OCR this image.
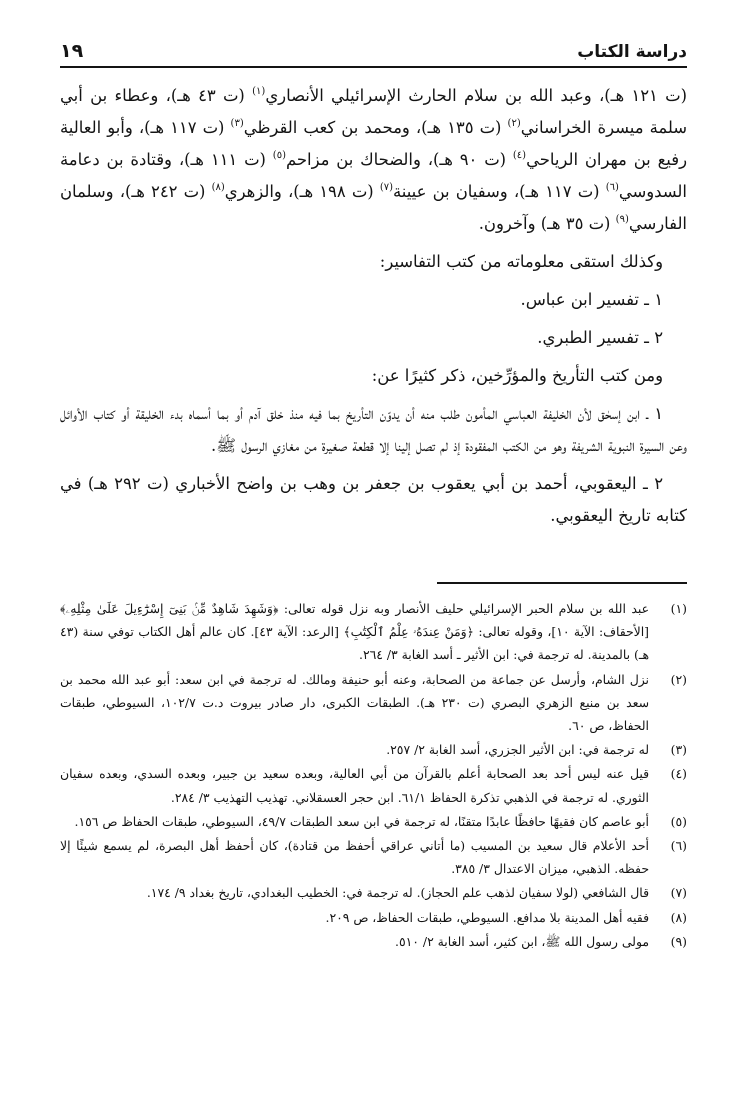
دراسة الكتاب
١٩

(ت ١٢١ هـ)، وعبد الله بن سلام الحارث الإسرائيلي الأنصاري$^{(١)}$ (ت ٤٣ هـ)، وعطاء بن أبي سلمة ميسرة الخراساني$^{(٢)}$ (ت ١٣٥ هـ)، ومحمد بن كعب القرظي$^{(٣)}$ (ت ١١٧ هـ)، وأبو العالية رفيع بن مهران الرياحي$^{(٤)}$ (ت ٩٠ هـ)، والضحاك بن مزاحم$^{(٥)}$ (ت ١١١ هـ)، وقتادة بن دعامة السدوسي$^{(٦)}$ (ت ١١٧ هـ)، وسفيان بن عيينة$^{(٧)}$ (ت ١٩٨ هـ)، والزهري$^{(٨)}$ (ت ٢٤٢ هـ)، وسلمان الفارسي$^{(٩)}$ (ت ٣٥ هـ) وآخرون.

وكذلك استقى معلوماته من كتب التفاسير:

١ ـ تفسير ابن عباس.

٢ ـ تفسير الطبري.

ومن كتب التأريخ والمؤرِّخين، ذكر كثيرًا عن:

١ ـ ابن إسحٰق لأن الخليفة العباسي المأمون طلب منه أن يدوّن التأريخ بما فيه منذ خلق آدم أو بما أسماه بدء الخليقة أو كتاب الأوائل وعن السيرة النبوية الشريفة وهو من الكتب المفقودة إذ لم تصل إلينا إلا قطعة صغيرة من مغازي الرسول ﷺ.

٢ ـ اليعقوبي، أحمد بن أبي يعقوب بن جعفر بن وهب بن واضح الأخباري (ت ٢٩٢ هـ) في كتابه تاريخ اليعقوبي.

(١)
عبد الله بن سلام الحبر الإسرائيلي حليف الأنصار وبه نزل قوله تعالى: ﴿وَشَهِدَ شَاهِدٌ مِّنۢ بَنِىٓ إِسْرَٰٓءِيلَ عَلَىٰ مِثْلِهِۦ﴾ [الأحقاف: الآية ١٠]، وقوله تعالى: ﴿وَمَنْ عِندَهُۥ عِلْمُ ٱلْكِتَٰبِ﴾ [الرعد: الآية ٤٣]. كان عالم أهل الكتاب توفي سنة (٤٣ هـ) بالمدينة. له ترجمة في: ابن الأثير ـ أسد الغابة ٣/ ٢٦٤.
(٢)
نزل الشام، وأرسل عن جماعة من الصحابة، وعنه أبو حنيفة ومالك. له ترجمة في ابن سعد: أبو عبد الله محمد بن سعد بن منيع الزهري البصري (ت ٢٣٠ هـ). الطبقات الكبرى، دار صادر بيروت د.ت ١٠٢/٧، السيوطي، طبقات الحفاظ، ص ٦٠.
(٣)
له ترجمة في: ابن الأثير الجزري، أسد الغابة ٢/ ٢٥٧.
(٤)
قيل عنه ليس أحد بعد الصحابة أعلم بالقرآن من أبي العالية، وبعده سعيد بن جبير، وبعده السدي، وبعده سفيان الثوري. له ترجمة في الذهبي تذكرة الحفاظ ٦١/١. ابن حجر العسقلاني. تهذيب التهذيب ٣/ ٢٨٤.
(٥)
أبو عاصم كان فقيهًا حافظًا عابدًا متقنًا، له ترجمة في ابن سعد الطبقات ٤٩/٧، السيوطي، طبقات الحفاظ ص ١٥٦.
(٦)
أحد الأعلام قال سعيد بن المسيب (ما أتاني عراقي أحفظ من قتادة)، كان أحفظ أهل البصرة، لم يسمع شيئًا إلا حفظه. الذهبي، ميزان الاعتدال ٣/ ٣٨٥.
(٧)
قال الشافعي (لولا سفيان لذهب علم الحجاز). له ترجمة في: الخطيب البغدادي، تاريخ بغداد ٩/ ١٧٤.
(٨)
فقيه أهل المدينة بلا مدافع. السيوطي، طبقات الحفاظ، ص ٢٠٩.
(٩)
مولى رسول الله ﷺ، ابن كثير، أسد الغابة ٢/ ٥١٠.
